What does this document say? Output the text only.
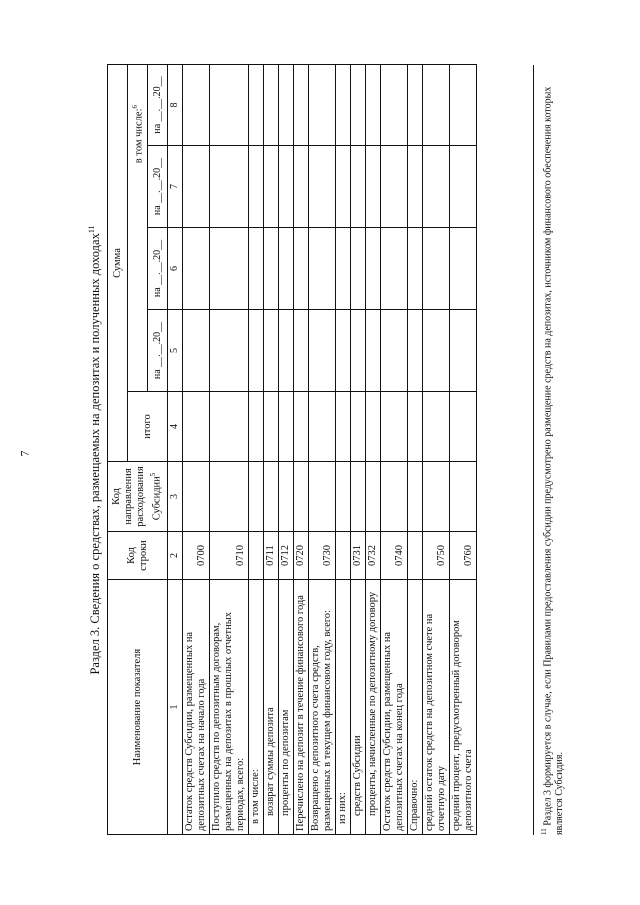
7	Раздел 3. Сведения о средствах, размещаемых на депозитах и полученных доходах$^{11}$
Наименование показателя	Код строки	Код направления расходования Субсидии$^5$	Сумма				
			итого	в том числе:$^6$
				на __.__.20__	на __.__.20__	на __.__.20__	на __.__.20__

1	2	3	4	5	6	7	8
Остаток средств Субсидии, размещенных на депозитных счетах на начало года	0700						
Поступило средств по депозитным договорам, размещенных на депозитах в прошлых отчетных периодах, всего:	0710						
в том числе:							
возврат суммы депозита	0711						
проценты по депозитам	0712						
Перечислено на депозит в течение финансового года	0720						
Возвращено с депозитного счета средств, размещенных в текущем финансовом году, всего:	0730						
из них:							
средств Субсидии	0731						
проценты, начисленные по депозитному договору	0732						
Остаток средств Субсидии, размещенных на депозитных счетах на конец года	0740						
Справочно:							
средний остаток средств на депозитном счете на отчетную дату	0750						
средний процент, предусмотренный договором депозитного счета	0760						
$^{11}$ Раздел 3 формируется в случае, если Правилами предоставления субсидии предусмотрено размещение средств на депозитах, источником финансового обеспечения которых является Субсидия.
